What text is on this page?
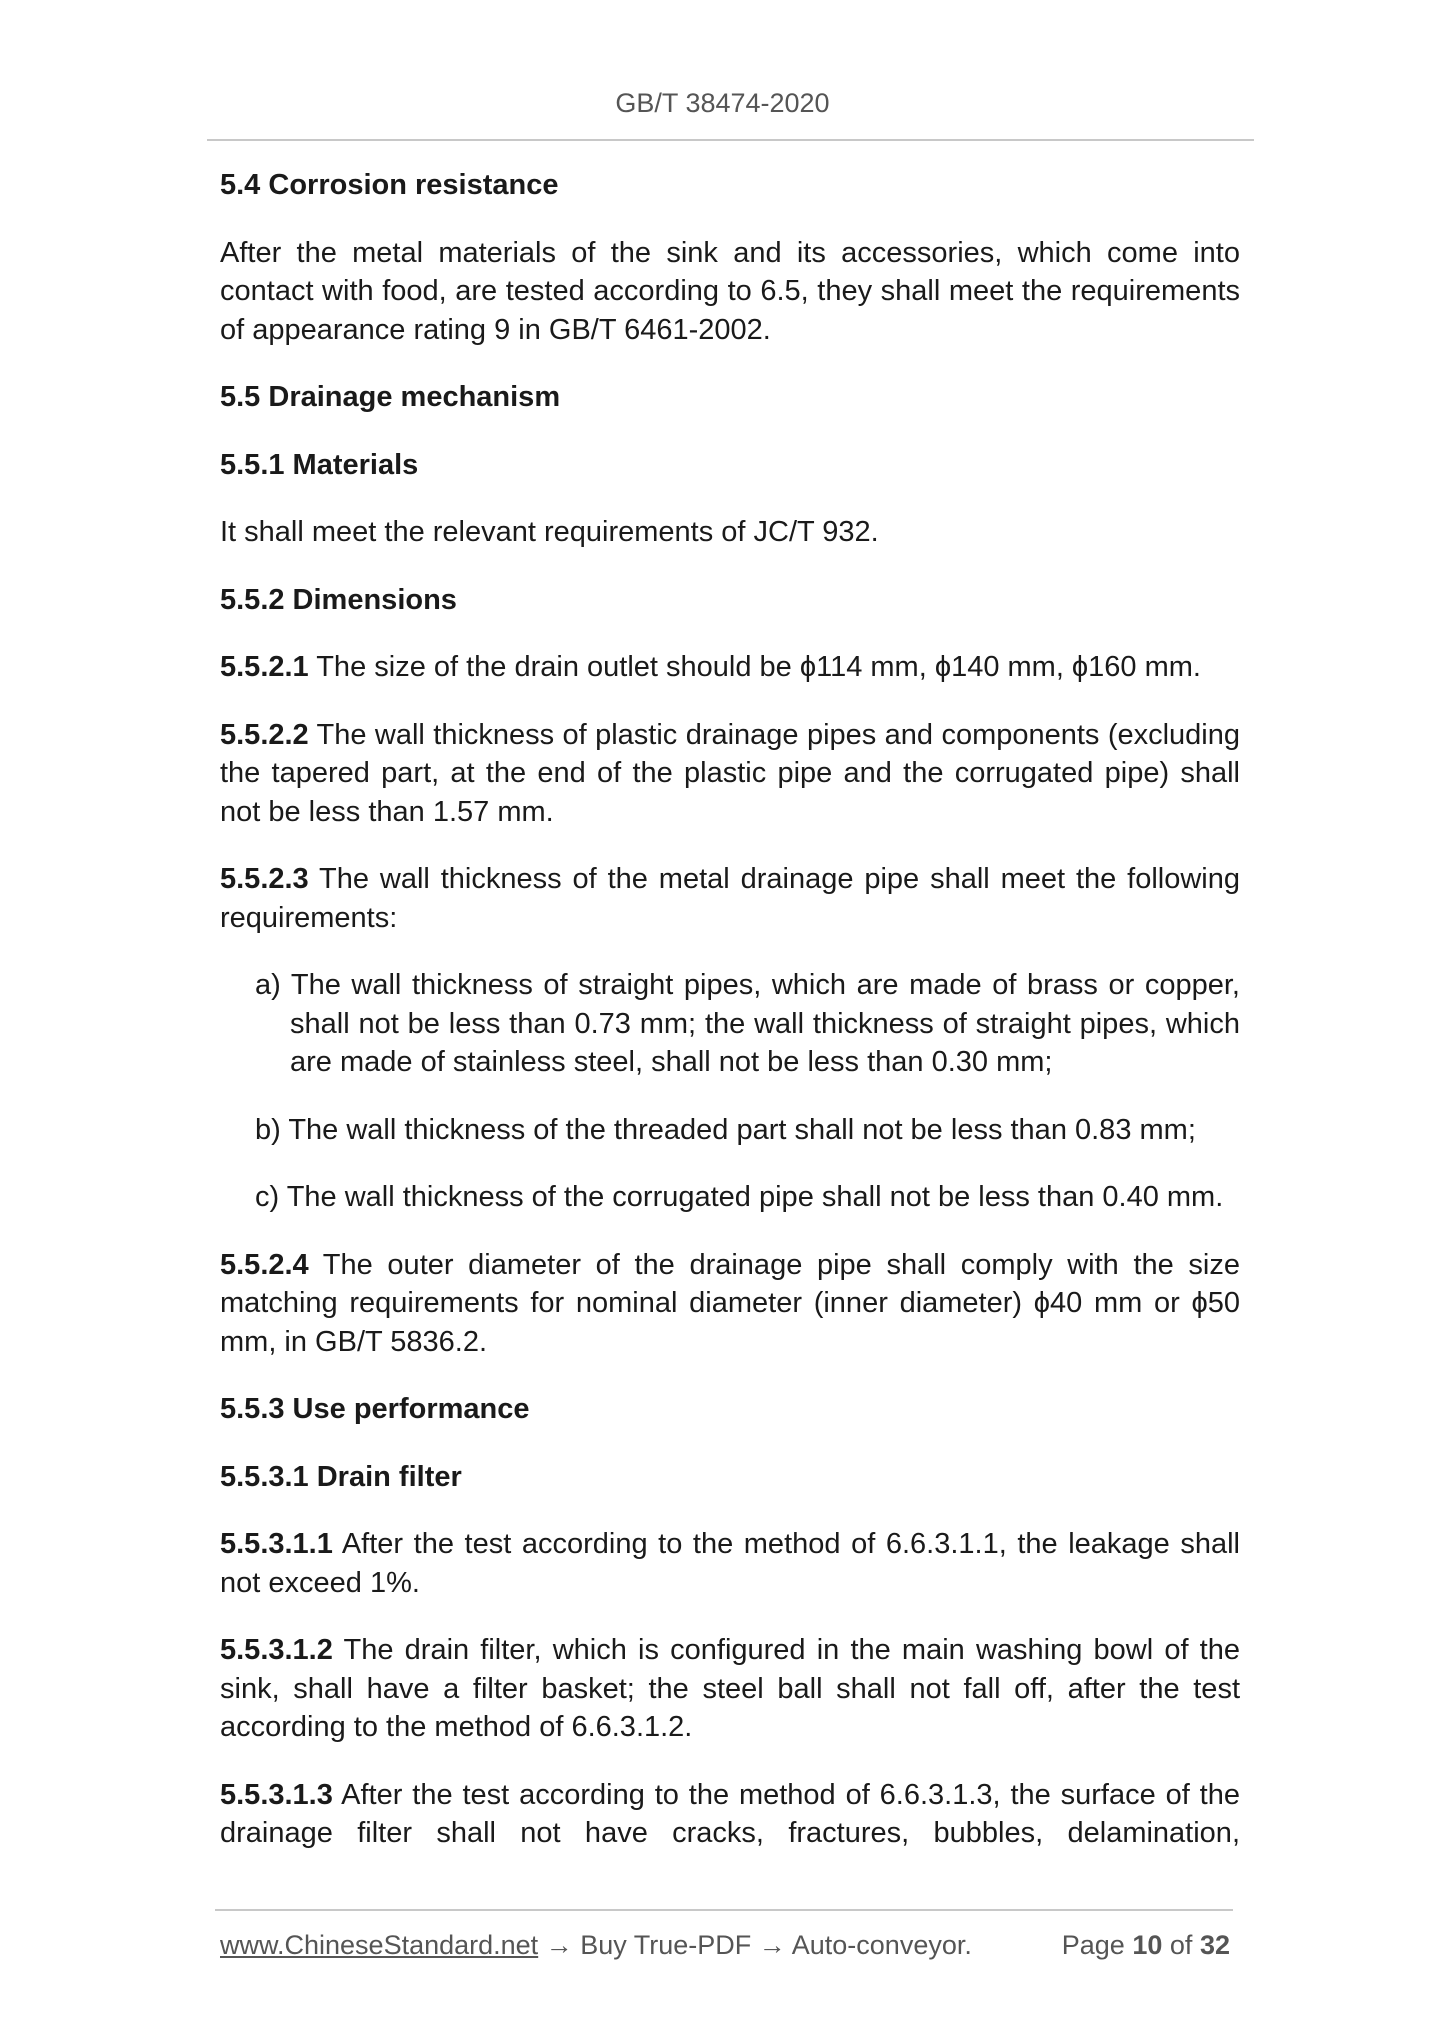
GB/T 38474-2020
5.4 Corrosion resistance

After the metal materials of the sink and its accessories, which come into contact with food, are tested according to 6.5, they shall meet the requirements of appearance rating 9 in GB/T 6461-2002.

5.5 Drainage mechanism
5.5.1 Materials

It shall meet the relevant requirements of JC/T 932.

5.5.2 Dimensions

5.5.2.1 The size of the drain outlet should be ϕ114 mm, ϕ140 mm, ϕ160 mm.

5.5.2.2 The wall thickness of plastic drainage pipes and components (excluding the tapered part, at the end of the plastic pipe and the corrugated pipe) shall not be less than 1.57 mm.

5.5.2.3 The wall thickness of the metal drainage pipe shall meet the following requirements:

a) The wall thickness of straight pipes, which are made of brass or copper, shall not be less than 0.73 mm; the wall thickness of straight pipes, which are made of stainless steel, shall not be less than 0.30 mm;
b) The wall thickness of the threaded part shall not be less than 0.83 mm;
c) The wall thickness of the corrugated pipe shall not be less than 0.40 mm.

5.5.2.4 The outer diameter of the drainage pipe shall comply with the size matching requirements for nominal diameter (inner diameter) ϕ40 mm or ϕ50 mm, in GB/T 5836.2.

5.5.3 Use performance
5.5.3.1 Drain filter

5.5.3.1.1 After the test according to the method of 6.6.3.1.1, the leakage shall not exceed 1%.

5.5.3.1.2 The drain filter, which is configured in the main washing bowl of the sink, shall have a filter basket; the steel ball shall not fall off, after the test according to the method of 6.6.3.1.2.

5.5.3.1.3 After the test according to the method of 6.6.3.1.3, the surface of the drainage filter shall not have cracks, fractures, bubbles, delamination,

www.ChineseStandard.net → Buy True-PDF → Auto-conveyor.	Page 10 of 32
